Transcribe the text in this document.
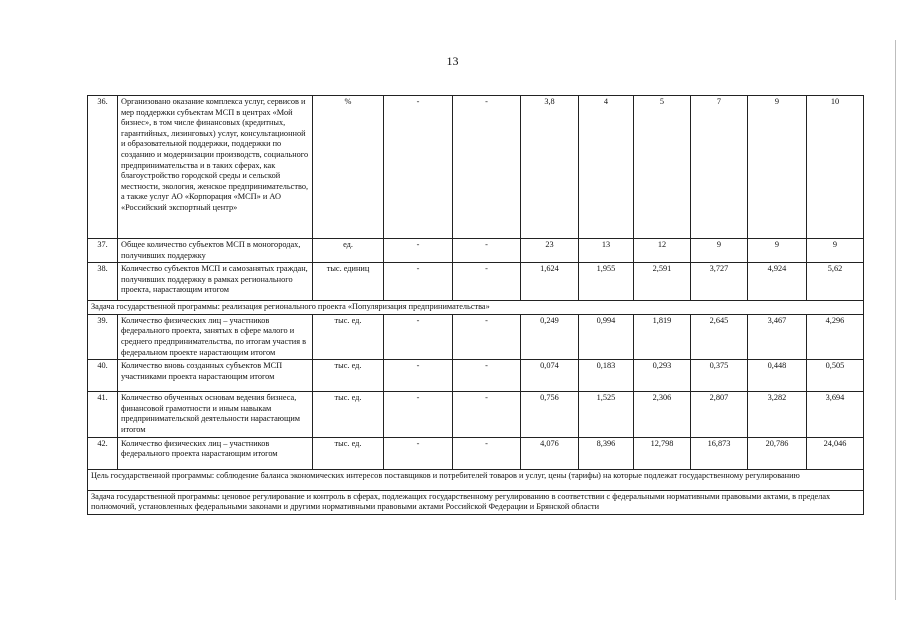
13
36.	Организовано оказание комплекса услуг, сервисов и мер поддержки субъектам МСП в центрах «Мой бизнес», в том числе финансовых (кредитных, гарантийных, лизинговых) услуг, консультационной и образовательной поддержки, поддержки по созданию и модернизации производств, социального предпринимательства и в таких сферах, как благоустройство городской среды и сельской местности, экология, женское предпринимательство, а также услуг АО «Корпорация «МСП» и АО «Российский экспортный центр»	%	-	-	3,8	4	5	7	9	10
37.	Общее количество субъектов МСП в моногородах, получивших поддержку	ед.	-	-	23	13	12	9	9	9
38.	Количество субъектов МСП и самозанятых граждан, получивших поддержку в рамках регионального проекта, нарастающим итогом	тыс. единиц	-	-	1,624	1,955	2,591	3,727	4,924	5,62
Задача государственной программы: реализация регионального проекта «Популяризация предпринимательства»										
39.	Количество физических лиц – участников федерального проекта, занятых в сфере малого и среднего предпринимательства, по итогам участия в федеральном проекте нарастающим итогом	тыс. ед.	-	-	0,249	0,994	1,819	2,645	3,467	4,296
40.	Количество вновь созданных субъектов МСП участниками проекта нарастающим итогом	тыс. ед.	-	-	0,074	0,183	0,293	0,375	0,448	0,505
41.	Количество обученных основам ведения бизнеса, финансовой грамотности и иным навыкам предпринимательской деятельности нарастающим итогом	тыс. ед.	-	-	0,756	1,525	2,306	2,807	3,282	3,694
42.	Количество физических лиц – участников федерального проекта нарастающим итогом	тыс. ед.	-	-	4,076	8,396	12,798	16,873	20,786	24,046
Цель государственной программы: соблюдение баланса экономических интересов поставщиков и потребителей товаров и услуг, цены (тарифы) на которые подлежат государственному регулированию										
Задача государственной программы: ценовое регулирование и контроль в сферах, подлежащих государственному регулированию в соответствии с федеральными нормативными правовыми актами, в пределах полномочий, установленных федеральными законами и другими нормативными правовыми актами Российской Федерации и Брянской области										
